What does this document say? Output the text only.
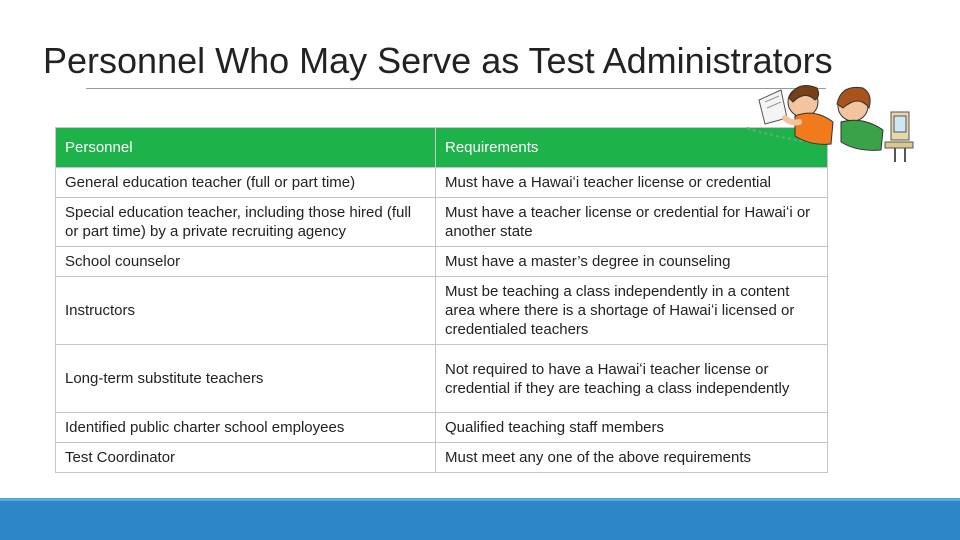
Personnel Who May Serve as Test Administrators
Personnel	Requirements
General education teacher (full or part time)	Must have a Hawaiʻi teacher license or credential
Special education teacher, including those hired (full or part time) by a private recruiting agency	Must have a teacher license or credential for Hawaiʻi or another state
School counselor	Must have a master’s degree in counseling
Instructors	Must be teaching a class independently in a content area where there is a shortage of Hawaiʻi licensed or credentialed teachers
Long-term substitute teachers	Not required to have a Hawaiʻi teacher license or credential if they are teaching a class independently
Identified public charter school employees	Qualified teaching staff members
Test Coordinator	Must meet any one of the above requirements
